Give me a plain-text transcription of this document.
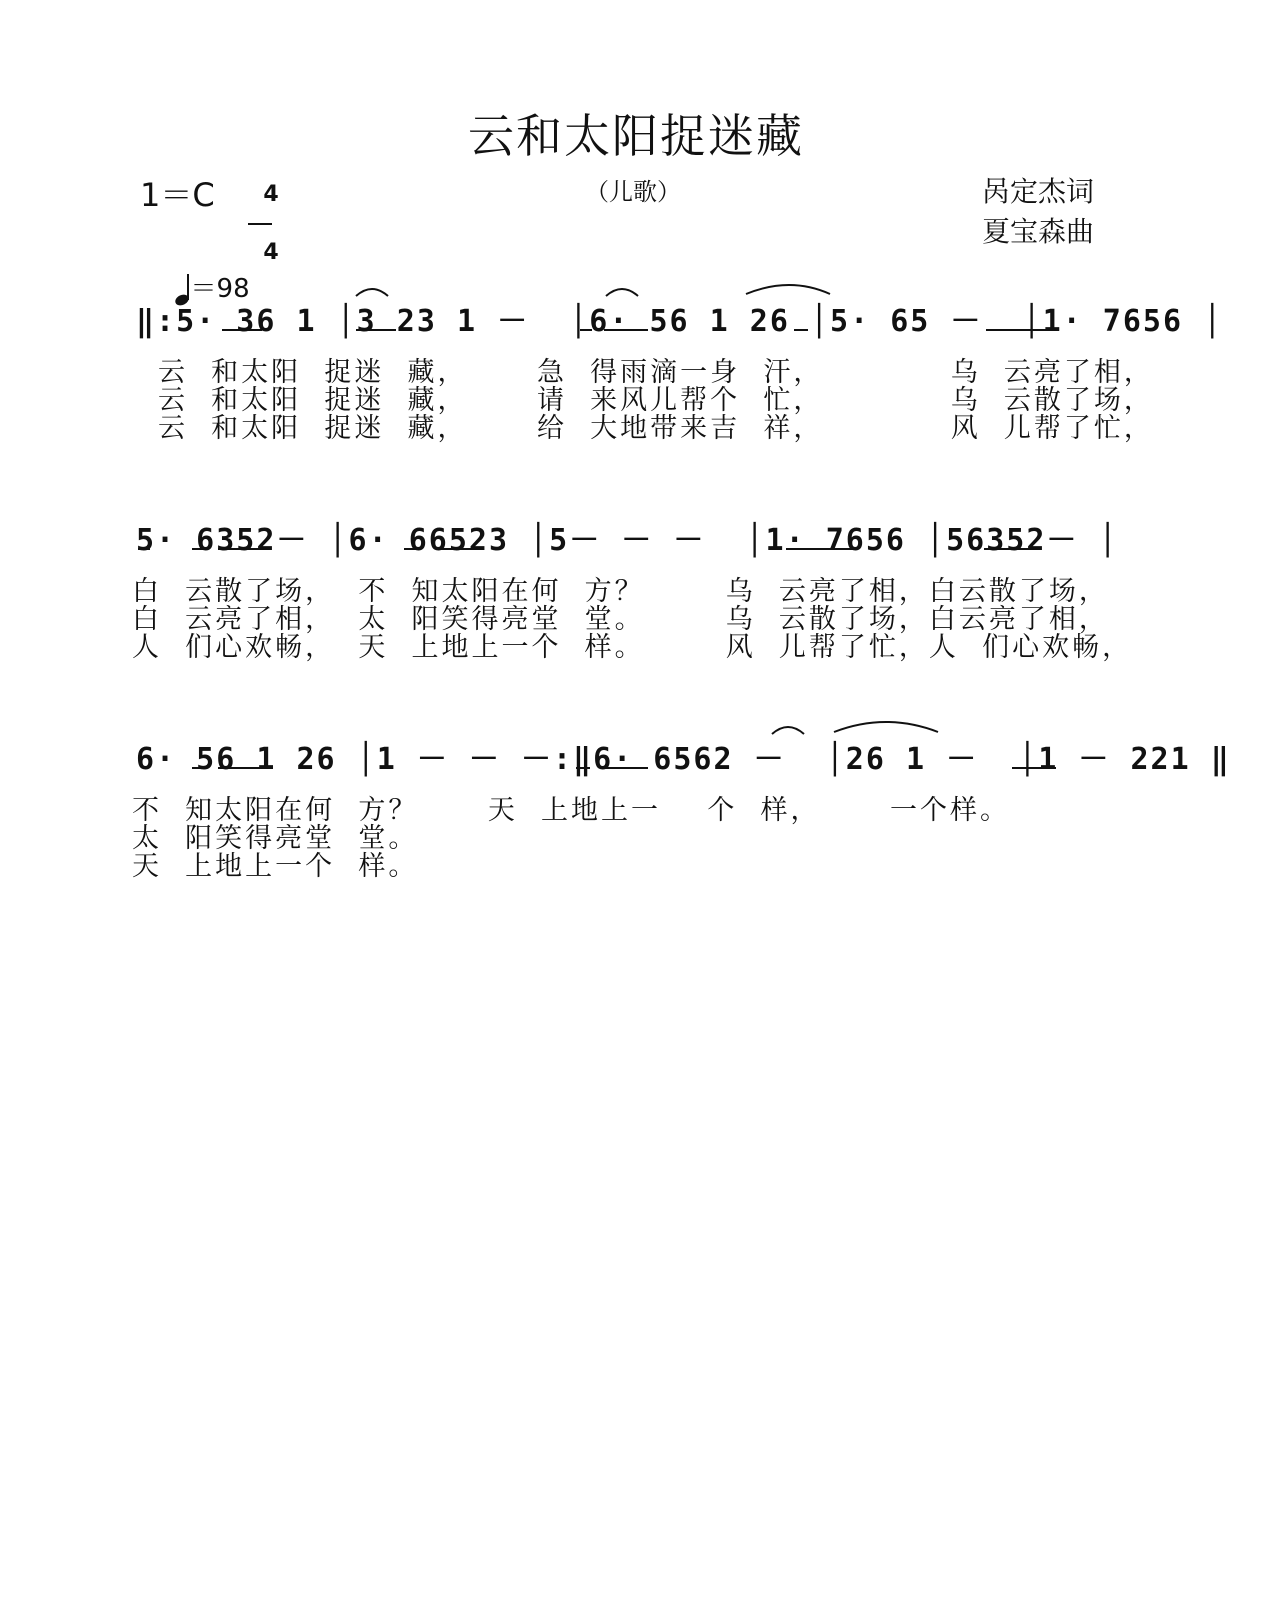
云和太阳捉迷藏
1＝C	4

4

（儿歌）	呙定杰词
夏宝森曲

＝98

‖:5· 36 1 │3 23 1 －  │6· 56 1 26 │5· 65 －  │1· 7656 │
云  和太阳  捉迷  藏，      急  得雨滴一身  汗，           乌  云亮了相，
云  和太阳  捉迷  藏，      请  来风儿帮个  忙，           乌  云散了场，
云  和太阳  捉迷  藏，      给  大地带来吉  祥，           风  儿帮了忙，
5· 6352－ │6· 66523 │5－ － －  │1· 7656 │56352－ │
白  云散了场，  不  知太阳在何  方？       乌  云亮了相，白云散了场，
白  云亮了相，  太  阳笑得亮堂  堂。       乌  云散了场，白云亮了相，
人  们心欢畅，  天  上地上一个  样。       风  儿帮了忙，人  们心欢畅，
6· 56 1 26 │1 － － －:‖6· 6562 －  │26 1 －  │1 － 221 ‖
不  知太阳在何  方？      天  上地上一    个  样，      一个样。
太  阳笑得亮堂  堂。
天  上地上一个  样。
